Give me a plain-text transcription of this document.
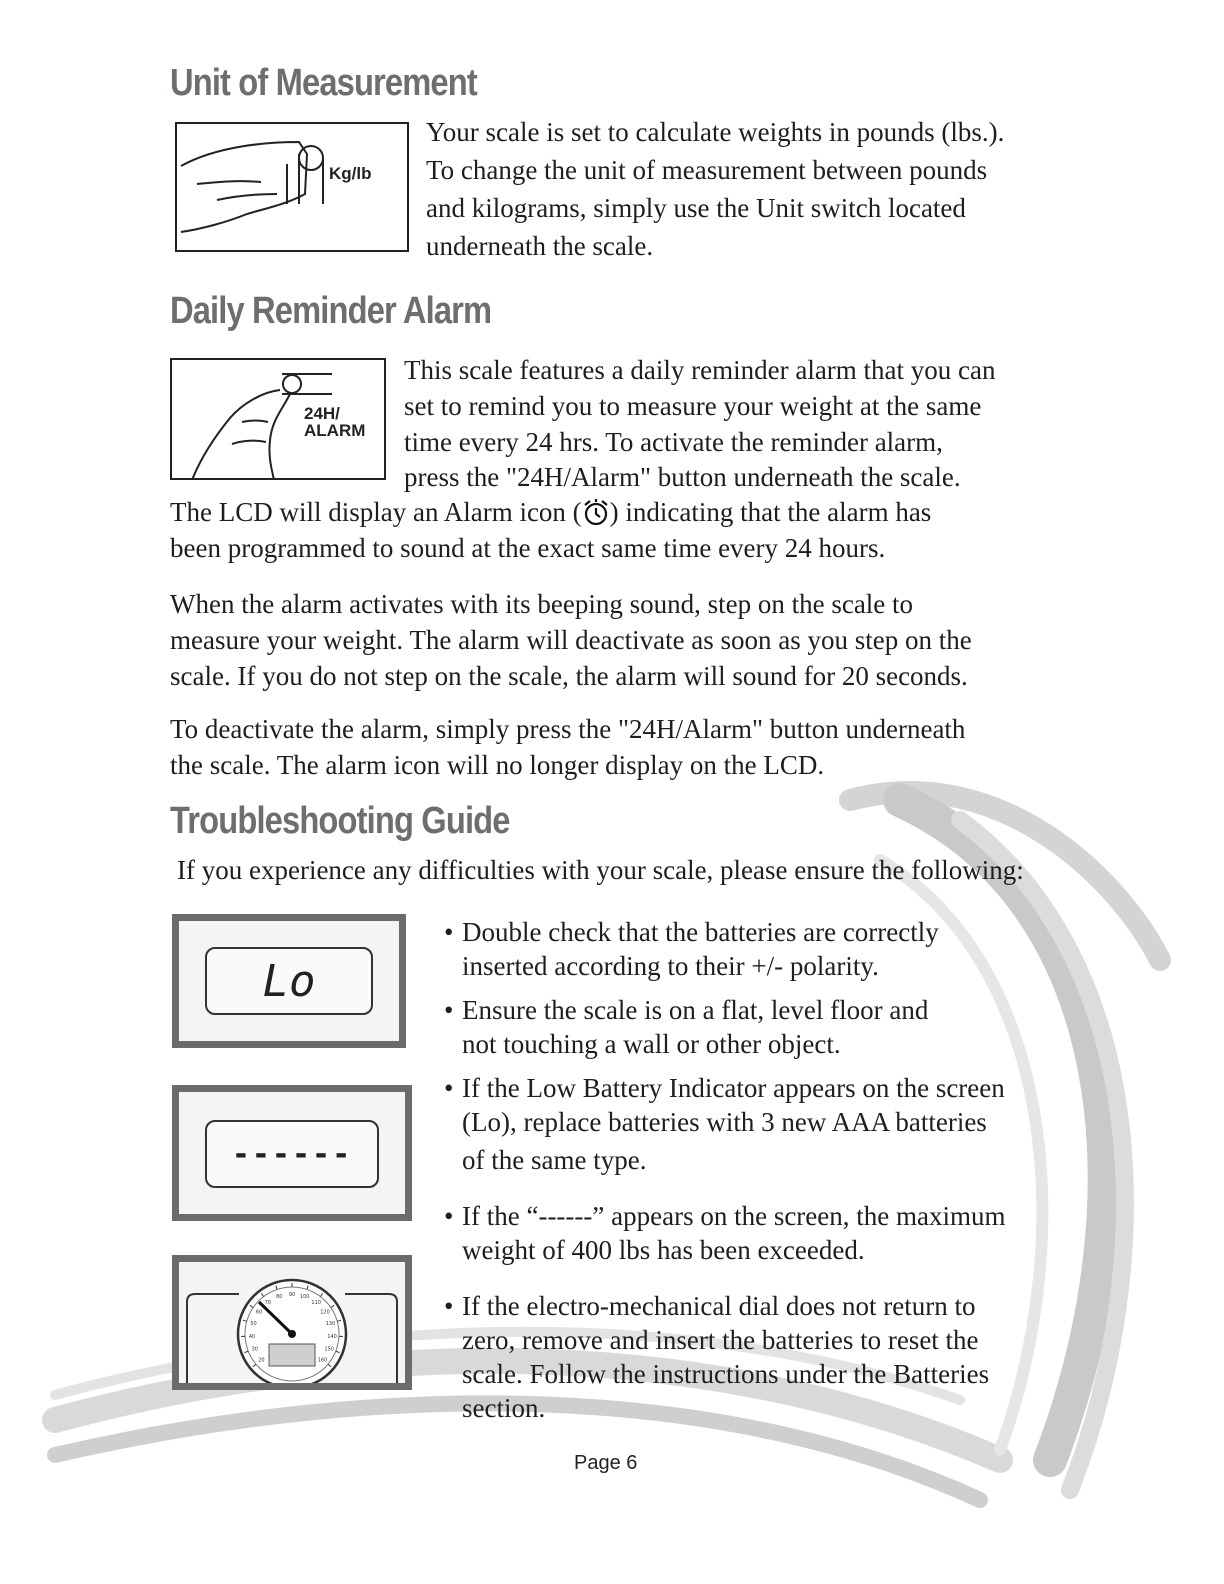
Unit of Measurement
Kg/lb

Your scale is set to calculate weights in pounds (lbs.).

To change the unit of measurement between pounds

and kilograms, simply use the Unit switch located

underneath the scale.

Daily Reminder Alarm
24H/
ALARM

This scale features a daily reminder alarm that you can

set to remind you to measure your weight at the same

time every 24 hrs. To activate the reminder alarm,

press the "24H/Alarm" button underneath the scale.

The LCD will display an Alarm icon ( ) indicating that the alarm has

been programmed to sound at the exact same time every 24 hours.

When the alarm activates with its beeping sound, step on the scale to

measure your weight. The alarm will deactivate as soon as you step on the

scale. If you do not step on the scale, the alarm will sound for 20 seconds.

To deactivate the alarm, simply press the "24H/Alarm" button underneath

the scale. The alarm icon will no longer display on the LCD.

Troubleshooting Guide

If you experience any difficulties with your scale, please ensure the following:

Lo
------
20
30
40
50
60
70
80 90 100
110
120
130
140
150
160
• Double check that the batteries are correctly
inserted according to their +/- polarity.
• Ensure the scale is on a flat, level floor and
not touching a wall or other object.
• If the Low Battery Indicator appears on the screen
(Lo), replace batteries with 3 new AAA batteries
of the same type.
• If the “------” appears on the screen, the maximum
weight of 400 lbs has been exceeded.
• If the electro-mechanical dial does not return to
zero, remove and insert the batteries to reset the
scale. Follow the instructions under the Batteries
section.
Page 6
